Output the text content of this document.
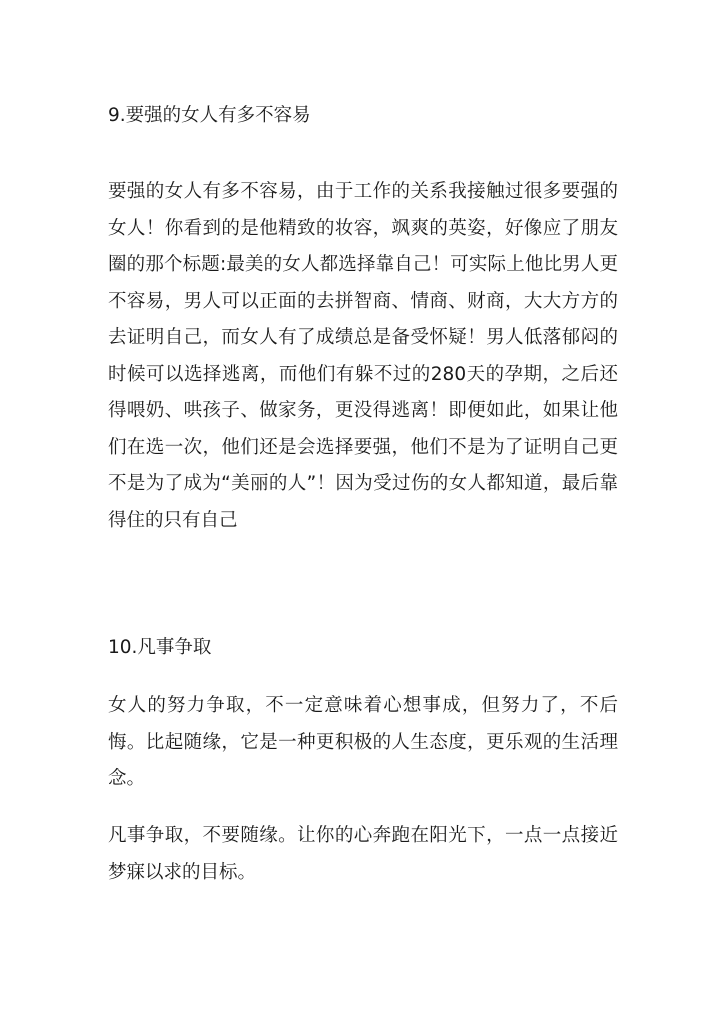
9.要强的女人有多不容易

要强的女人有多不容易，由于工作的关系我接触过很多要强的女人！你看到的是他精致的妆容，飒爽的英姿，好像应了朋友圈的那个标题:最美的女人都选择靠自己！可实际上他比男人更不容易，男人可以正面的去拼智商、情商、财商，大大方方的去证明自己，而女人有了成绩总是备受怀疑！男人低落郁闷的时候可以选择逃离，而他们有躲不过的280天的孕期，之后还得喂奶、哄孩子、做家务，更没得逃离！即便如此，如果让他们在选一次，他们还是会选择要强，他们不是为了证明自己更不是为了成为“美丽的人”！因为受过伤的女人都知道，最后靠得住的只有自己

10.凡事争取

女人的努力争取，不一定意味着心想事成，但努力了，不后悔。比起随缘，它是一种更积极的人生态度，更乐观的生活理念。

凡事争取，不要随缘。让你的心奔跑在阳光下，一点一点接近梦寐以求的目标。
